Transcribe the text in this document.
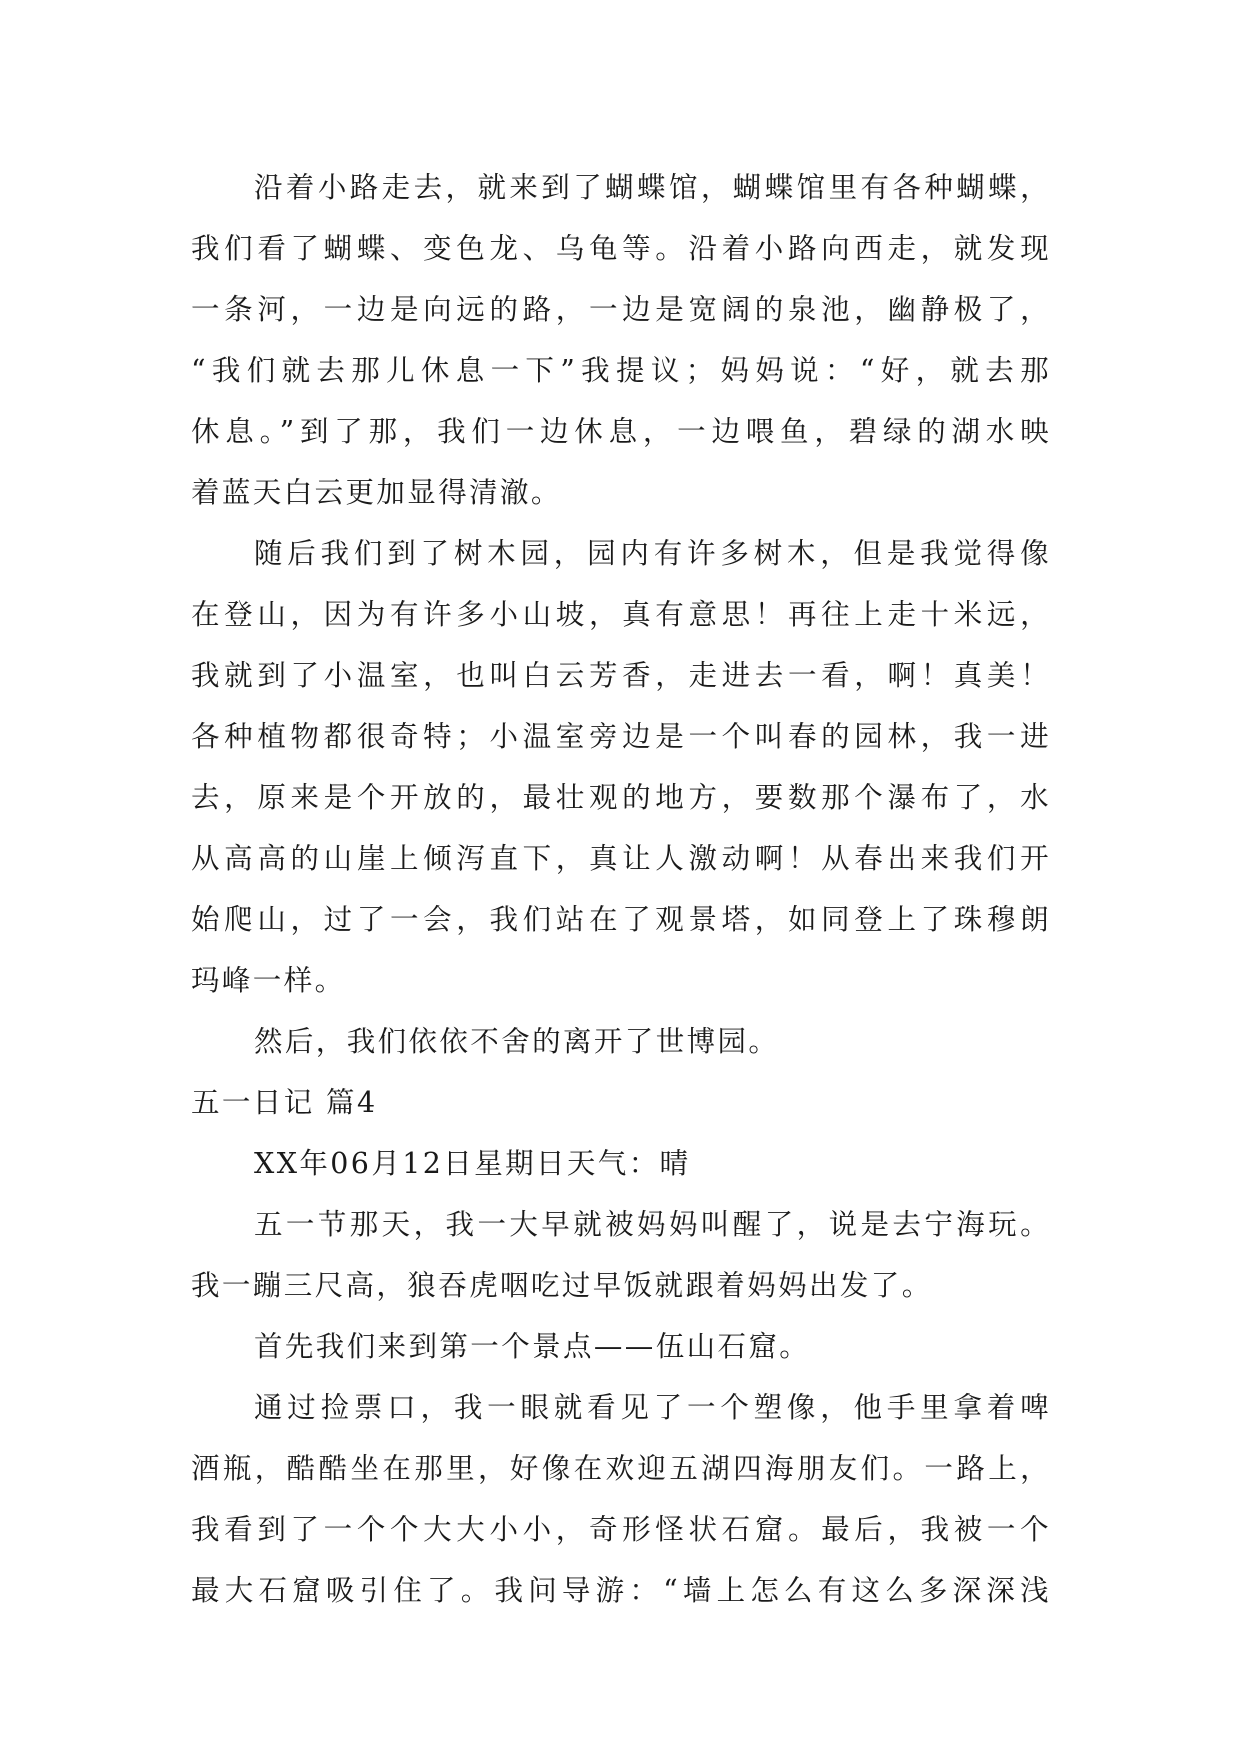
沿着小路走去，就来到了蝴蝶馆，蝴蝶馆里有各种蝴蝶，
我们看了蝴蝶、变色龙、乌龟等。沿着小路向西走，就发现
一条河，一边是向远的路，一边是宽阔的泉池，幽静极了，
“我们就去那儿休息一下”我提议；妈妈说：“好，就去那
休息。”到了那，我们一边休息，一边喂鱼，碧绿的湖水映
着蓝天白云更加显得清澈。
随后我们到了树木园，园内有许多树木，但是我觉得像
在登山，因为有许多小山坡，真有意思！再往上走十米远，
我就到了小温室，也叫白云芳香，走进去一看，啊！真美！
各种植物都很奇特；小温室旁边是一个叫春的园林，我一进
去，原来是个开放的，最壮观的地方，要数那个瀑布了，水
从高高的山崖上倾泻直下，真让人激动啊！从春出来我们开
始爬山，过了一会，我们站在了观景塔，如同登上了珠穆朗
玛峰一样。
然后，我们依依不舍的离开了世博园。
五一日记 篇4
XX年06月12日星期日天气：晴
五一节那天，我一大早就被妈妈叫醒了，说是去宁海玩。
我一蹦三尺高，狼吞虎咽吃过早饭就跟着妈妈出发了。
首先我们来到第一个景点——伍山石窟。
通过捡票口，我一眼就看见了一个塑像，他手里拿着啤
酒瓶，酷酷坐在那里，好像在欢迎五湖四海朋友们。一路上，
我看到了一个个大大小小，奇形怪状石窟。最后，我被一个
最大石窟吸引住了。我问导游：“墙上怎么有这么多深深浅
